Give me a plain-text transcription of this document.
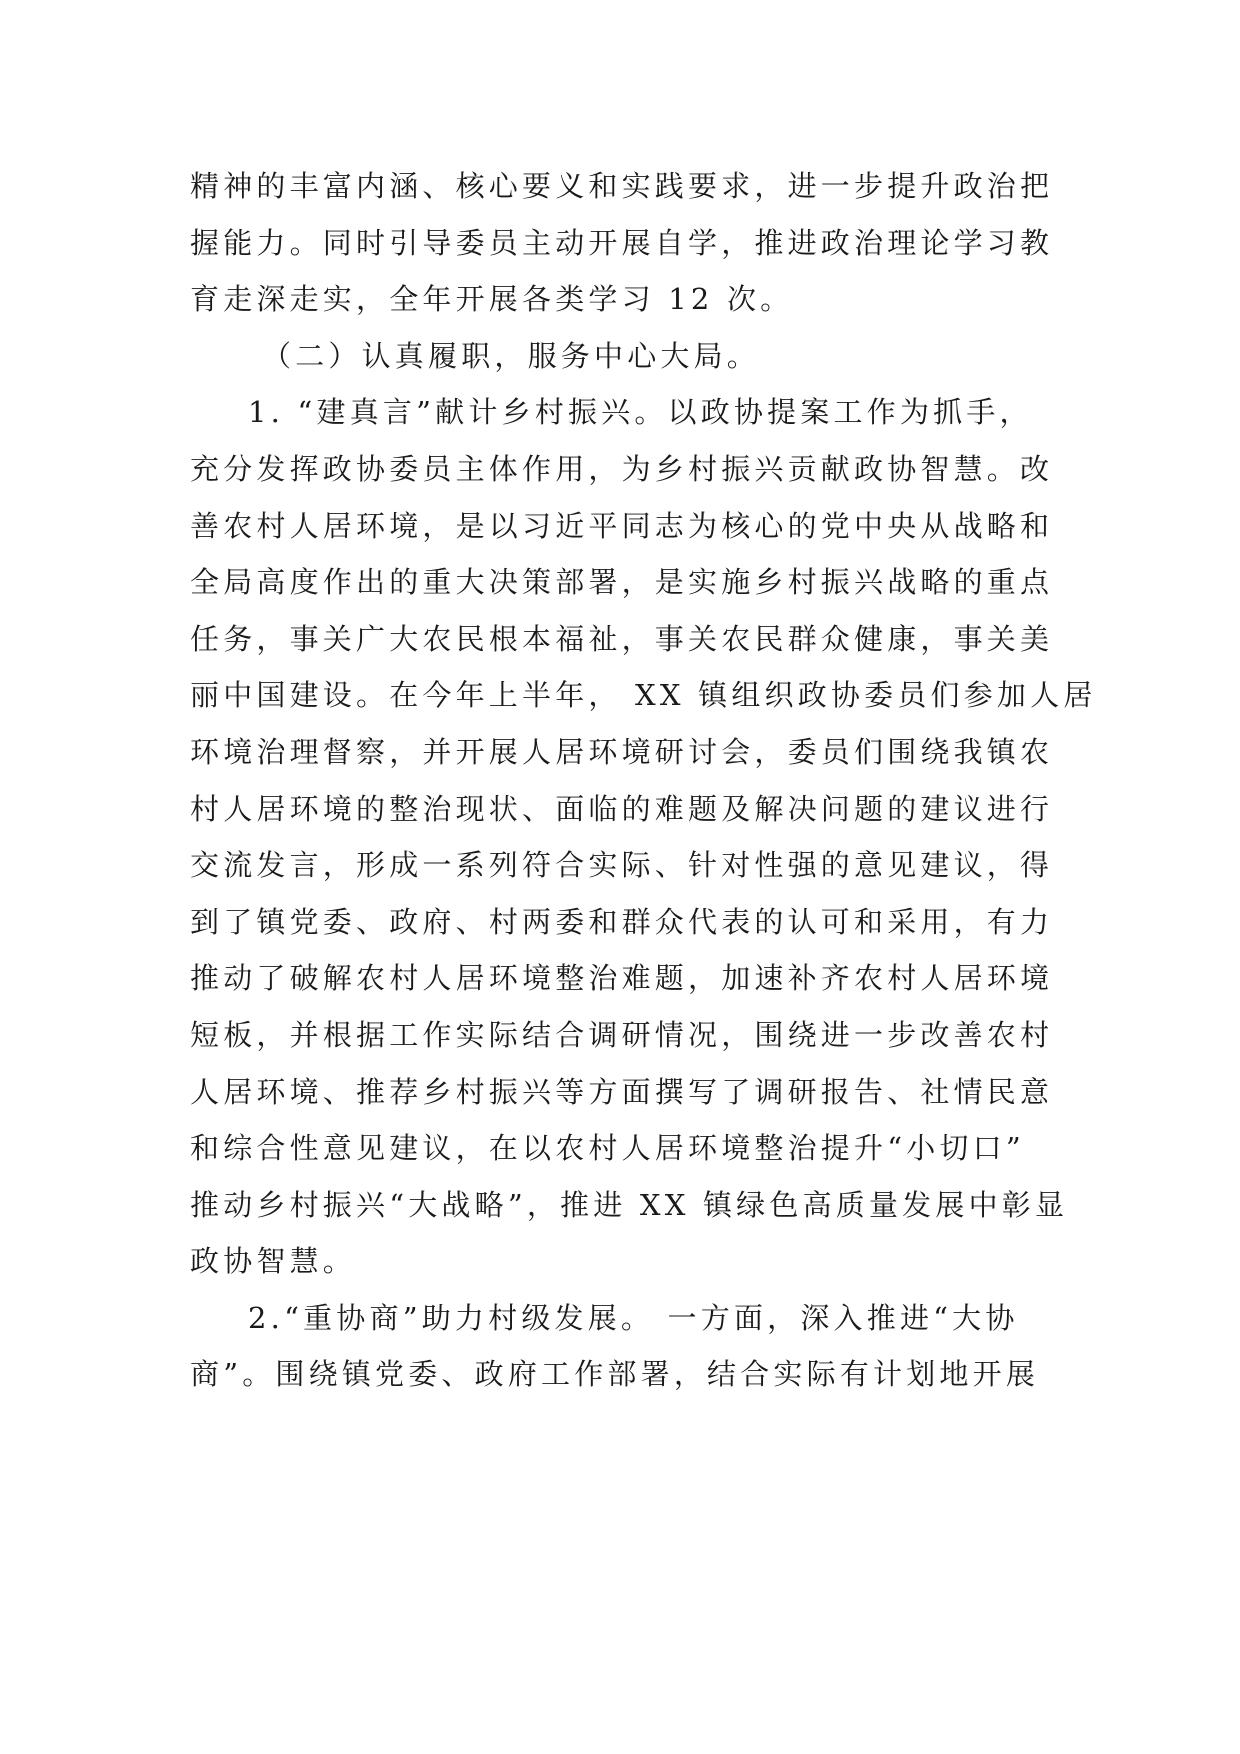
精神的丰富内涵、核心要义和实践要求，进一步提升政治把
握能力。同时引导委员主动开展自学，推进政治理论学习教
育走深走实，全年开展各类学习 12 次。
（二）认真履职，服务中心大局。
1. “建真言”献计乡村振兴。以政协提案工作为抓手，
充分发挥政协委员主体作用，为乡村振兴贡献政协智慧。改
善农村人居环境，是以习近平同志为核心的党中央从战略和
全局高度作出的重大决策部署，是实施乡村振兴战略的重点
任务，事关广大农民根本福祉，事关农民群众健康，事关美
丽中国建设。在今年上半年， XX 镇组织政协委员们参加人居
环境治理督察，并开展人居环境研讨会，委员们围绕我镇农
村人居环境的整治现状、面临的难题及解决问题的建议进行
交流发言，形成一系列符合实际、针对性强的意见建议，得
到了镇党委、政府、村两委和群众代表的认可和采用，有力
推动了破解农村人居环境整治难题，加速补齐农村人居环境
短板，并根据工作实际结合调研情况，围绕进一步改善农村
人居环境、推荐乡村振兴等方面撰写了调研报告、社情民意
和综合性意见建议，在以农村人居环境整治提升“小切口”
推动乡村振兴“大战略”，推进 XX 镇绿色高质量发展中彰显
政协智慧。
2.“重协商”助力村级发展。 一方面，深入推进“大协
商”。围绕镇党委、政府工作部署，结合实际有计划地开展
